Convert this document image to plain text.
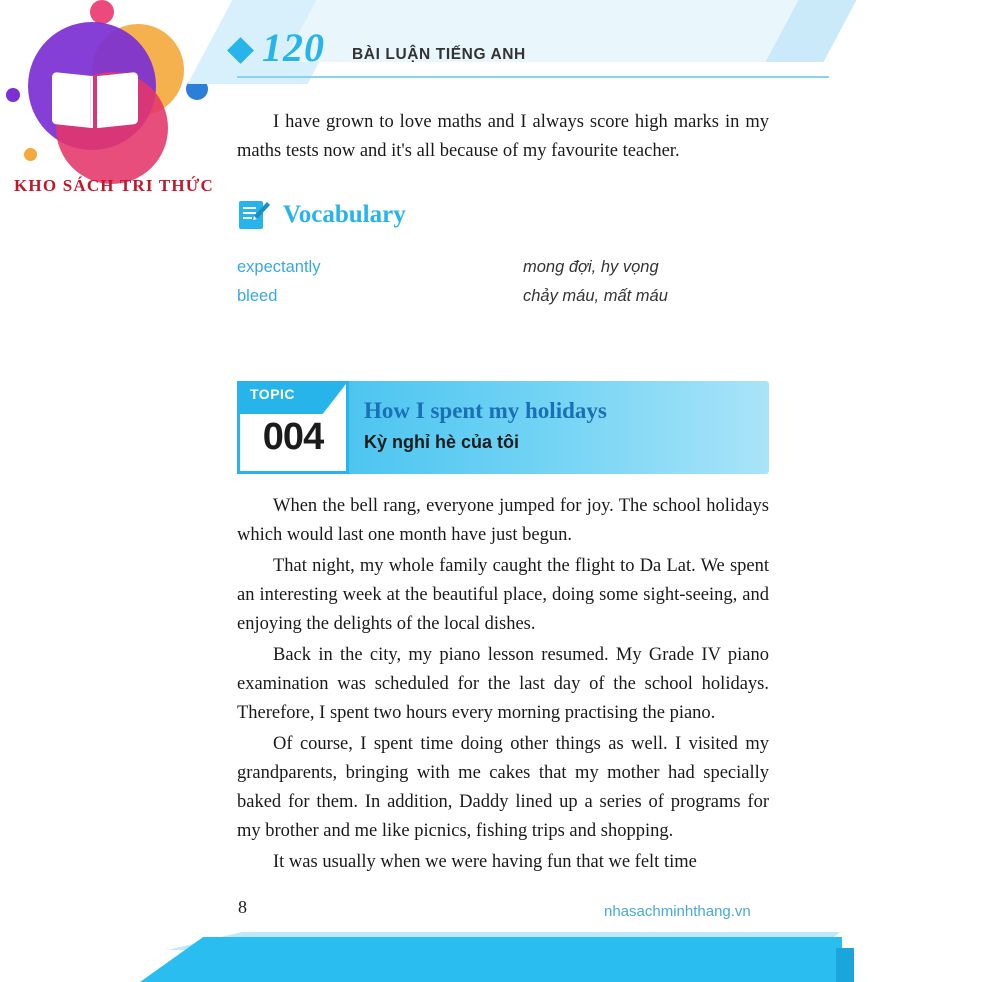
KHO SÁCH TRI THỨC
120 BÀI LUẬN TIẾNG ANH

I have grown to love maths and I always score high marks in my maths tests now and it's all because of my favourite teacher.

Vocabulary
expectantly	mong đợi, hy vọng
bleed	chảy máu, mất máu
TOPIC
004
How I spent my holidays
Kỳ nghỉ hè của tôi

When the bell rang, everyone jumped for joy. The school holidays which would last one month have just begun.

That night, my whole family caught the flight to Da Lat. We spent an interesting week at the beautiful place, doing some sight-seeing, and enjoying the delights of the local dishes.

Back in the city, my piano lesson resumed. My Grade IV piano examination was scheduled for the last day of the school holidays. Therefore, I spent two hours every morning practising the piano.

Of course, I spent time doing other things as well. I visited my grandparents, bringing with me cakes that my mother had specially baked for them. In addition, Daddy lined up a series of programs for my brother and me like picnics, fishing trips and shopping.

It was usually when we were having fun that we felt time

8	nhasachminhthang.vn
